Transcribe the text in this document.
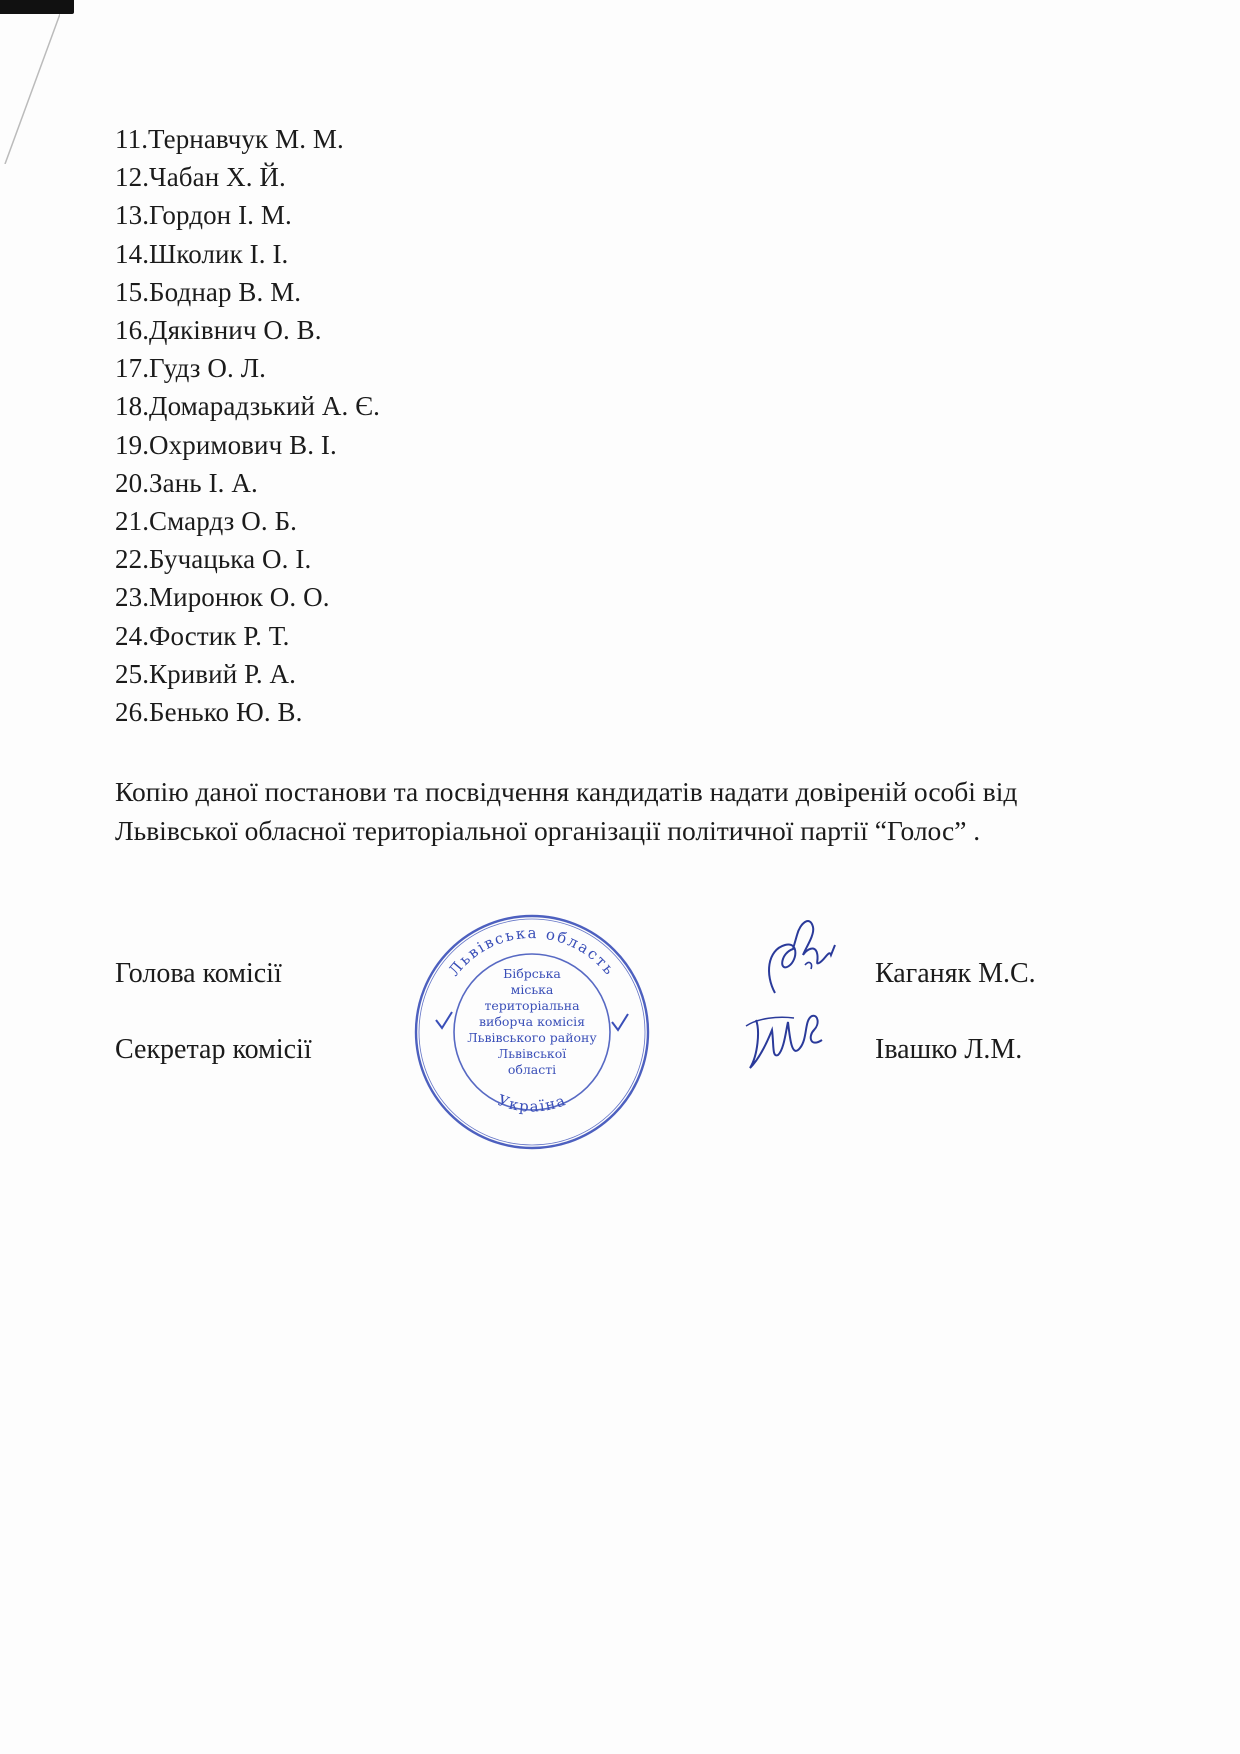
11.Тернавчук М. М.
12.Чабан Х. Й.
13.Гордон І. М.
14.Школик І. І.
15.Боднар В. М.
16.Дяківнич О. В.
17.Гудз О. Л.
18.Домарадзький А. Є.
19.Охримович В. І.
20.Зань І. А.
21.Смардз О. Б.
22.Бучацька О. І.
23.Миронюк О. О.
24.Фостик Р. Т.
25.Кривий Р. А.
26.Бенько Ю. В.
Копію даної постанови та посвідчення кандидатів надати довіреній особі від Львівської обласної територіальної організації політичної партії “Голос” .
Голова комісії	Каганяк М.С.
Секретар комісії	Івашко Л.М.
Львівська область
Україна
Бібрська
міська
територіальна
виборча комісія
Львівського району
Львівської
області
